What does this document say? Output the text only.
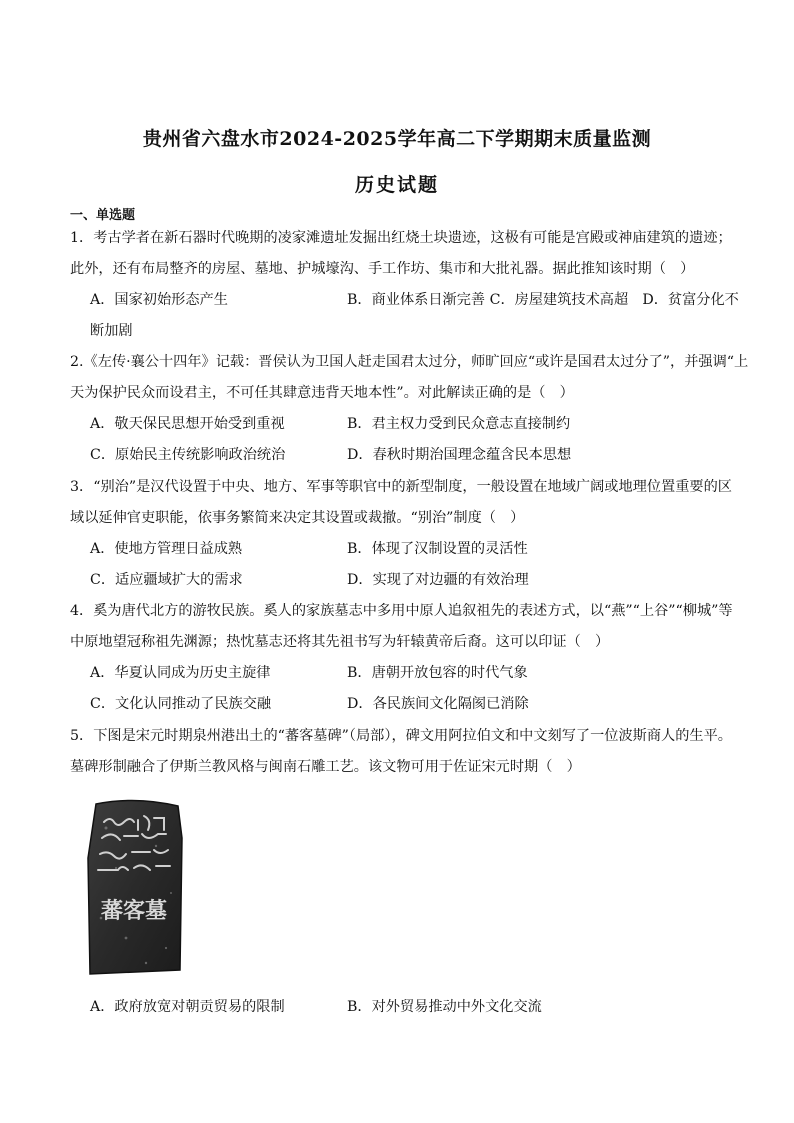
贵州省六盘水市2024-2025学年高二下学期期末质量监测
历史试题
一、单选题
1．考古学者在新石器时代晚期的凌家滩遗址发掘出红烧土块遗迹，这极有可能是宫殿或神庙建筑的遗迹；
此外，还有布局整齐的房屋、墓地、护城壕沟、手工作坊、集市和大批礼器。据此推知该时期（　）
A．国家初始形态产生	B．商业体系日渐完善 C．房屋建筑技术高超　D．贫富分化不
断加剧
2.《左传·襄公十四年》记载：晋侯认为卫国人赶走国君太过分，师旷回应“或许是国君太过分了”，并强调“上
天为保护民众而设君主，不可任其肆意违背天地本性”。对此解读正确的是（　）
A．敬天保民思想开始受到重视	B．君主权力受到民众意志直接制约
C．原始民主传统影响政治统治	D．春秋时期治国理念蕴含民本思想
3．“别治”是汉代设置于中央、地方、军事等职官中的新型制度，一般设置在地域广阔或地理位置重要的区
域以延伸官吏职能，依事务繁简来决定其设置或裁撤。“别治”制度（　）
A．使地方管理日益成熟	B．体现了汉制设置的灵活性
C．适应疆域扩大的需求	D．实现了对边疆的有效治理
4．奚为唐代北方的游牧民族。奚人的家族墓志中多用中原人追叙祖先的表述方式，以“燕”“上谷”“柳城”等
中原地望冠称祖先渊源；热忱墓志还将其先祖书写为轩辕黄帝后裔。这可以印证（　）
A．华夏认同成为历史主旋律	B．唐朝开放包容的时代气象
C．文化认同推动了民族交融	D．各民族间文化隔阂已消除
5．下图是宋元时期泉州港出土的“蕃客墓碑”（局部），碑文用阿拉伯文和中文刻写了一位波斯商人的生平。
墓碑形制融合了伊斯兰教风格与闽南石雕工艺。该文物可用于佐证宋元时期（　）
蕃客墓
A．政府放宽对朝贡贸易的限制	B．对外贸易推动中外文化交流
